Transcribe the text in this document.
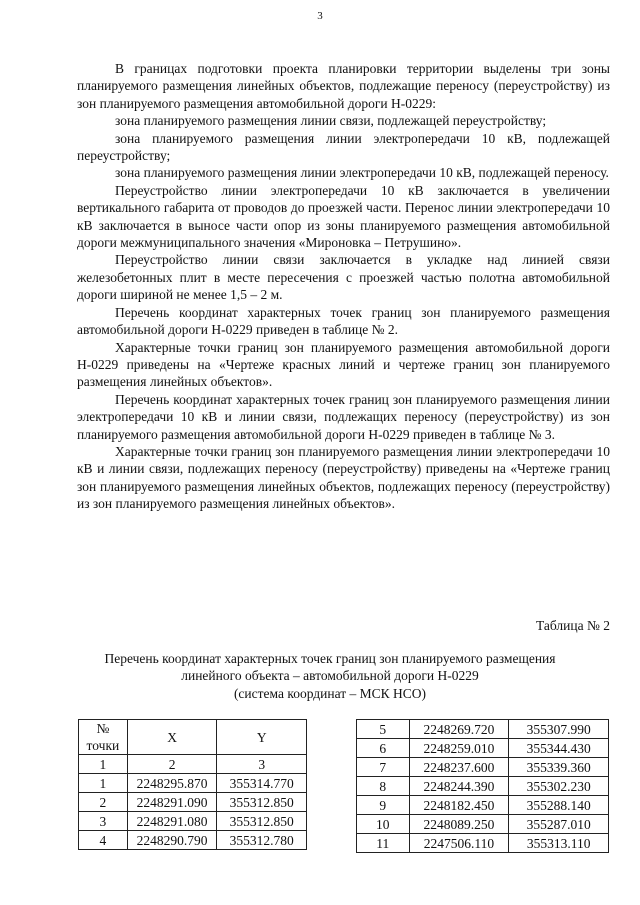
3

В границах подготовки проекта планировки территории выделены три зоны планируемого размещения линейных объектов, подлежащие переносу (переустройству) из зон планируемого размещения автомобильной дороги Н-0229:

зона планируемого размещения линии связи, подлежащей переустройству;

зона планируемого размещения линии электропередачи 10 кВ, подлежащей переустройству;

зона планируемого размещения линии электропередачи 10 кВ, подлежащей переносу.

Переустройство линии электропередачи 10 кВ заключается в увеличении вертикального габарита от проводов до проезжей части. Перенос линии электропередачи 10 кВ заключается в выносе части опор из зоны планируемого размещения автомобильной дороги межмуниципального значения «Мироновка – Петрушино».

Переустройство линии связи заключается в укладке над линией связи железобетонных плит в месте пересечения с проезжей частью полотна автомобильной дороги шириной не менее 1,5 – 2 м.

Перечень координат характерных точек границ зон планируемого размещения автомобильной дороги Н-0229 приведен в таблице № 2.

Характерные точки границ зон планируемого размещения автомобильной дороги Н-0229 приведены на «Чертеже красных линий и чертеже границ зон планируемого размещения линейных объектов».

Перечень координат характерных точек границ зон планируемого размещения линии электропередачи 10 кВ и линии связи, подлежащих переносу (переустройству) из зон планируемого размещения автомобильной дороги Н-0229 приведен в таблице № 3.

Характерные точки границ зон планируемого размещения линии электропередачи 10 кВ и линии связи, подлежащих переносу (переустройству) приведены на «Чертеже границ зон планируемого размещения линейных объектов, подлежащих переносу (переустройству) из зон планируемого размещения линейных объектов».

Таблица № 2
Перечень координат характерных точек границ зон планируемого размещения
линейного объекта – автомобильной дороги Н-0229
(система координат – МСК НСО)
№
точки	X	Y
1	2	3
1	2248295.870	355314.770
2	2248291.090	355312.850
3	2248291.080	355312.850
4	2248290.790	355312.780
5	2248269.720	355307.990
6	2248259.010	355344.430
7	2248237.600	355339.360
8	2248244.390	355302.230
9	2248182.450	355288.140
10	2248089.250	355287.010
11	2247506.110	355313.110
